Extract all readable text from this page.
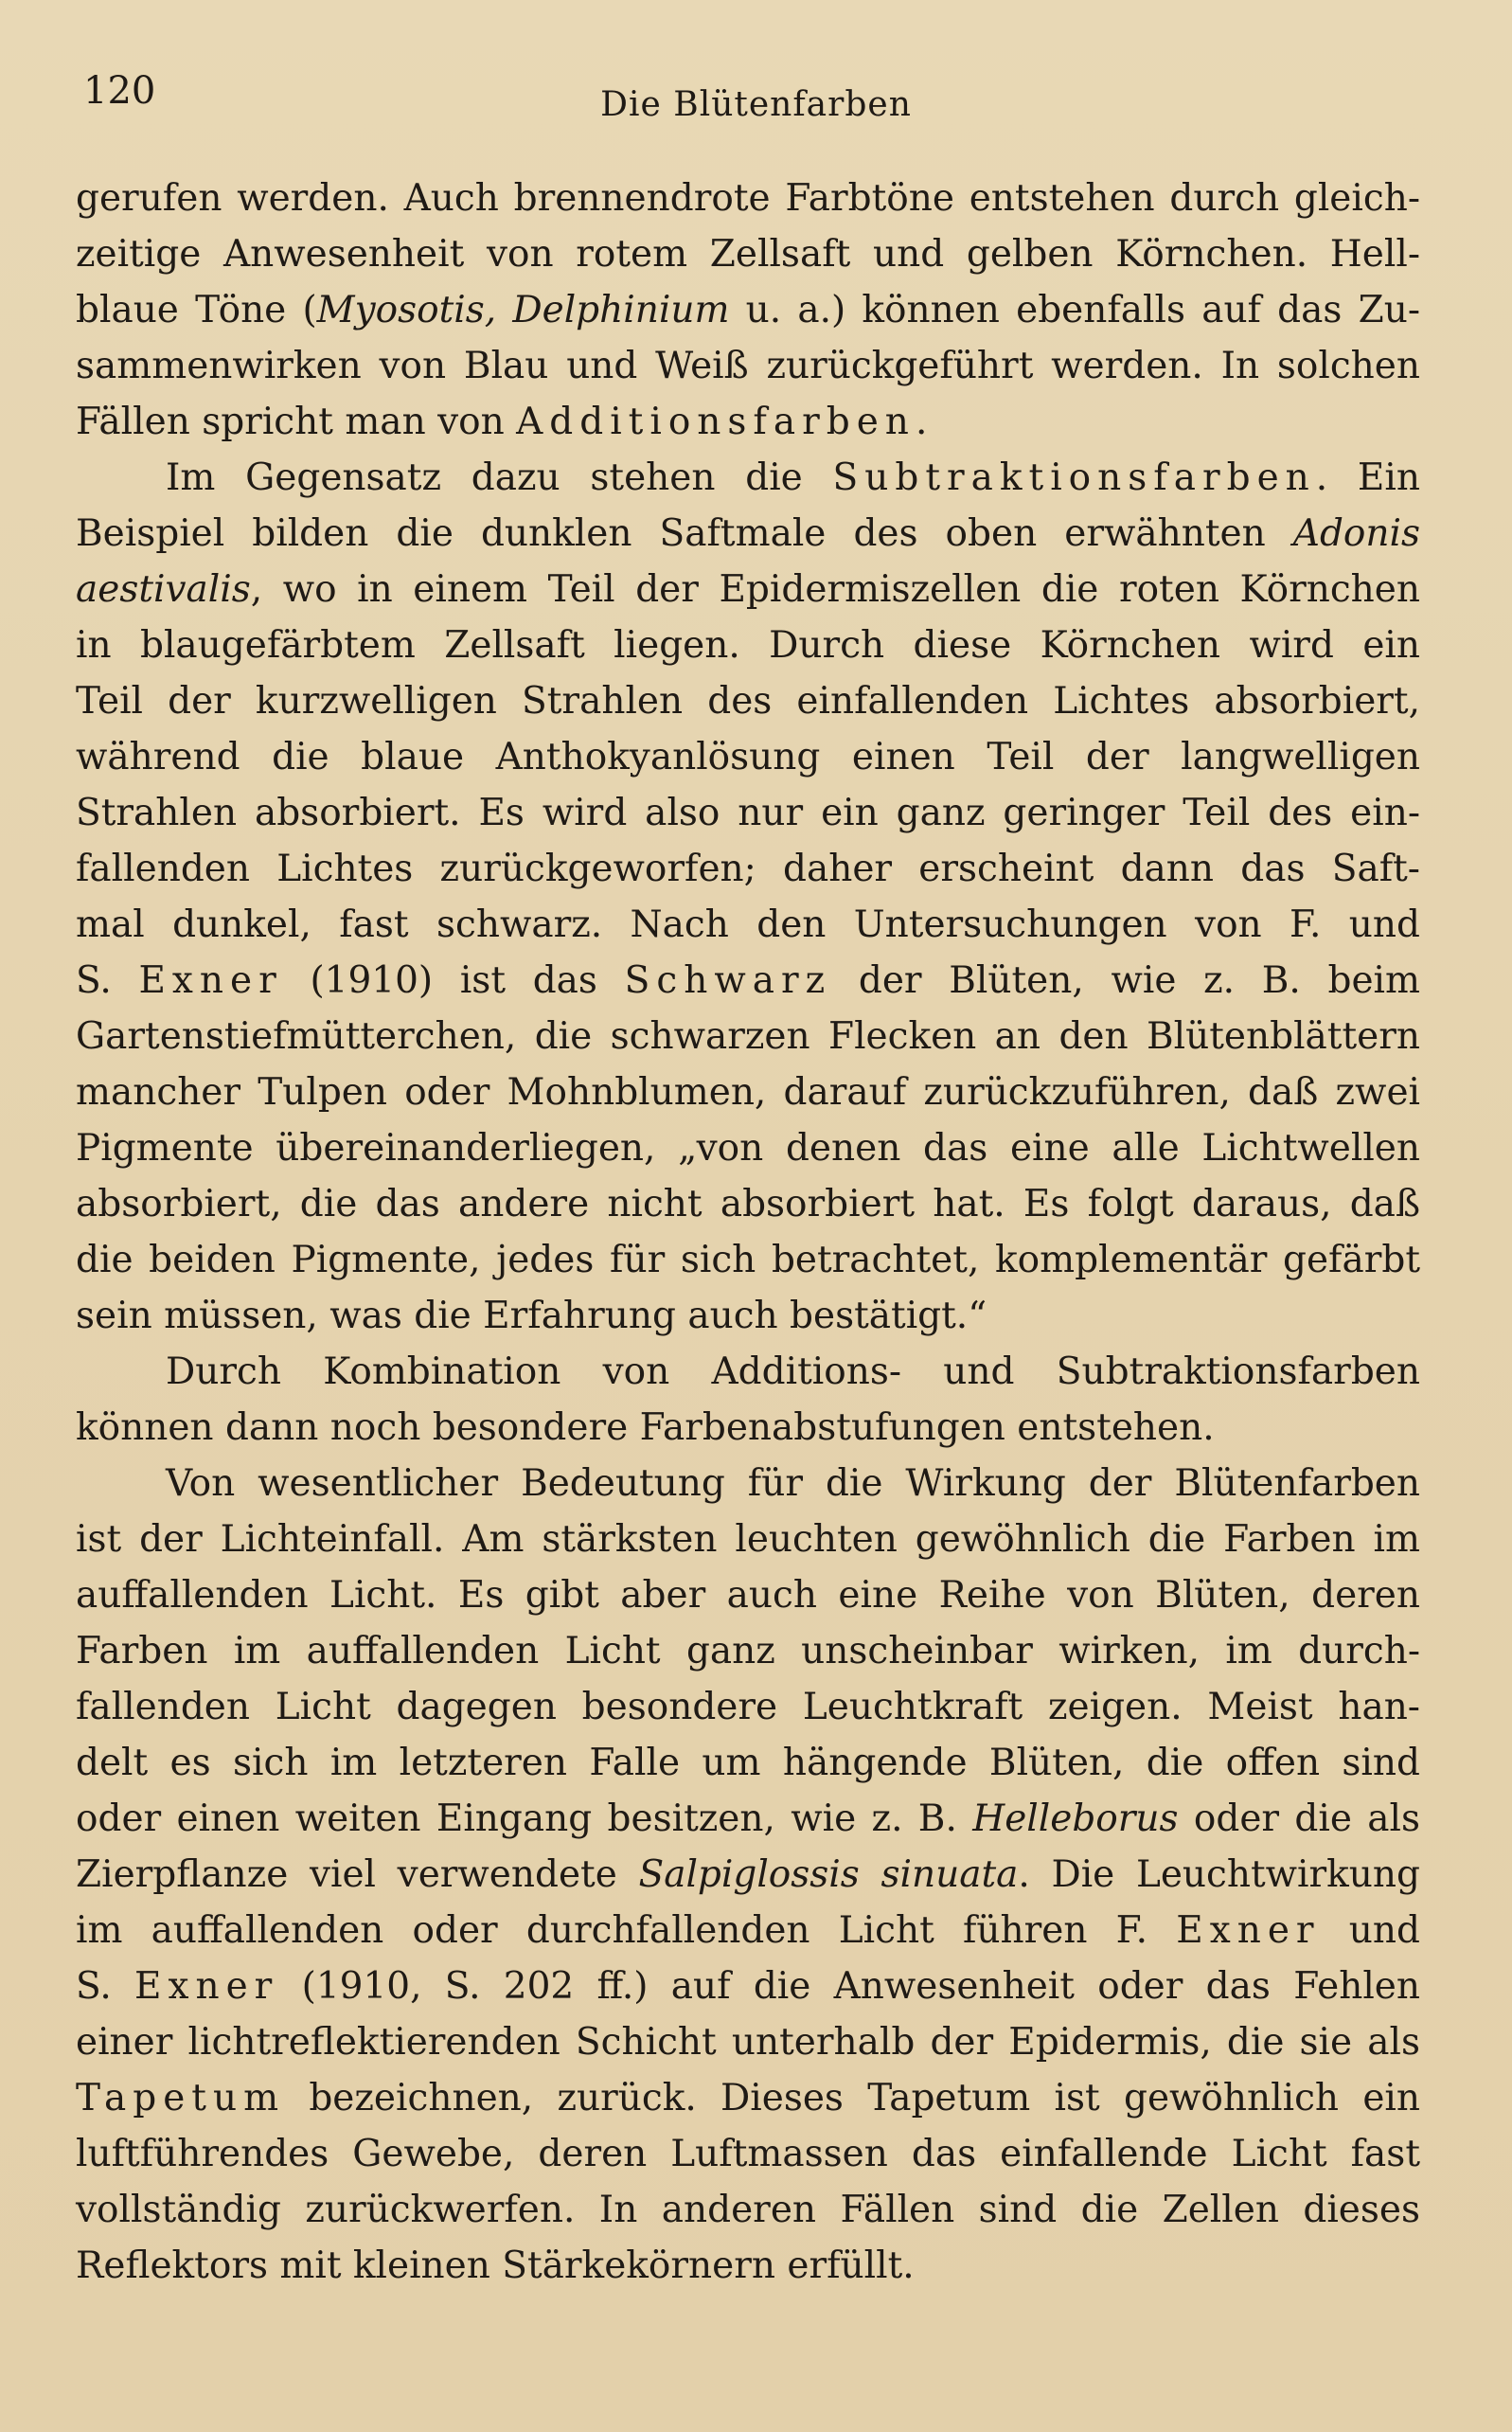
120	Die Blütenfarben
gerufen werden. Auch brennendrote Farbtöne entstehen durch gleich-
zeitige Anwesenheit von rotem Zellsaft und gelben Körnchen. Hell-
blaue Töne (Myosotis, Delphinium u. a.) können ebenfalls auf das Zu-
sammenwirken von Blau und Weiß zurückgeführt werden. In solchen
Fällen spricht man von Additionsfarben.
Im Gegensatz dazu stehen die Subtraktionsfarben. Ein
Beispiel bilden die dunklen Saftmale des oben erwähnten Adonis
aestivalis, wo in einem Teil der Epidermiszellen die roten Körnchen
in blaugefärbtem Zellsaft liegen. Durch diese Körnchen wird ein
Teil der kurzwelligen Strahlen des einfallenden Lichtes absorbiert,
während die blaue Anthokyanlösung einen Teil der langwelligen
Strahlen absorbiert. Es wird also nur ein ganz geringer Teil des ein-
fallenden Lichtes zurückgeworfen; daher erscheint dann das Saft-
mal dunkel, fast schwarz. Nach den Untersuchungen von F. und
S. Exner (1910) ist das Schwarz der Blüten, wie z. B. beim
Gartenstiefmütterchen, die schwarzen Flecken an den Blütenblättern
mancher Tulpen oder Mohnblumen, darauf zurückzuführen, daß zwei
Pigmente übereinanderliegen, „von denen das eine alle Lichtwellen
absorbiert, die das andere nicht absorbiert hat. Es folgt daraus, daß
die beiden Pigmente, jedes für sich betrachtet, komplementär gefärbt
sein müssen, was die Erfahrung auch bestätigt.“
Durch Kombination von Additions- und Subtraktionsfarben
können dann noch besondere Farbenabstufungen entstehen.
Von wesentlicher Bedeutung für die Wirkung der Blütenfarben
ist der Lichteinfall. Am stärksten leuchten gewöhnlich die Farben im
auffallenden Licht. Es gibt aber auch eine Reihe von Blüten, deren
Farben im auffallenden Licht ganz unscheinbar wirken, im durch-
fallenden Licht dagegen besondere Leuchtkraft zeigen. Meist han-
delt es sich im letzteren Falle um hängende Blüten, die offen sind
oder einen weiten Eingang besitzen, wie z. B. Helleborus oder die als
Zierpflanze viel verwendete Salpiglossis sinuata. Die Leuchtwirkung
im auffallenden oder durchfallenden Licht führen F. Exner und
S. Exner (1910, S. 202 ff.) auf die Anwesenheit oder das Fehlen
einer lichtreflektierenden Schicht unterhalb der Epidermis, die sie als
Tapetum bezeichnen, zurück. Dieses Tapetum ist gewöhnlich ein
luftführendes Gewebe, deren Luftmassen das einfallende Licht fast
vollständig zurückwerfen. In anderen Fällen sind die Zellen dieses
Reflektors mit kleinen Stärkekörnern erfüllt.
